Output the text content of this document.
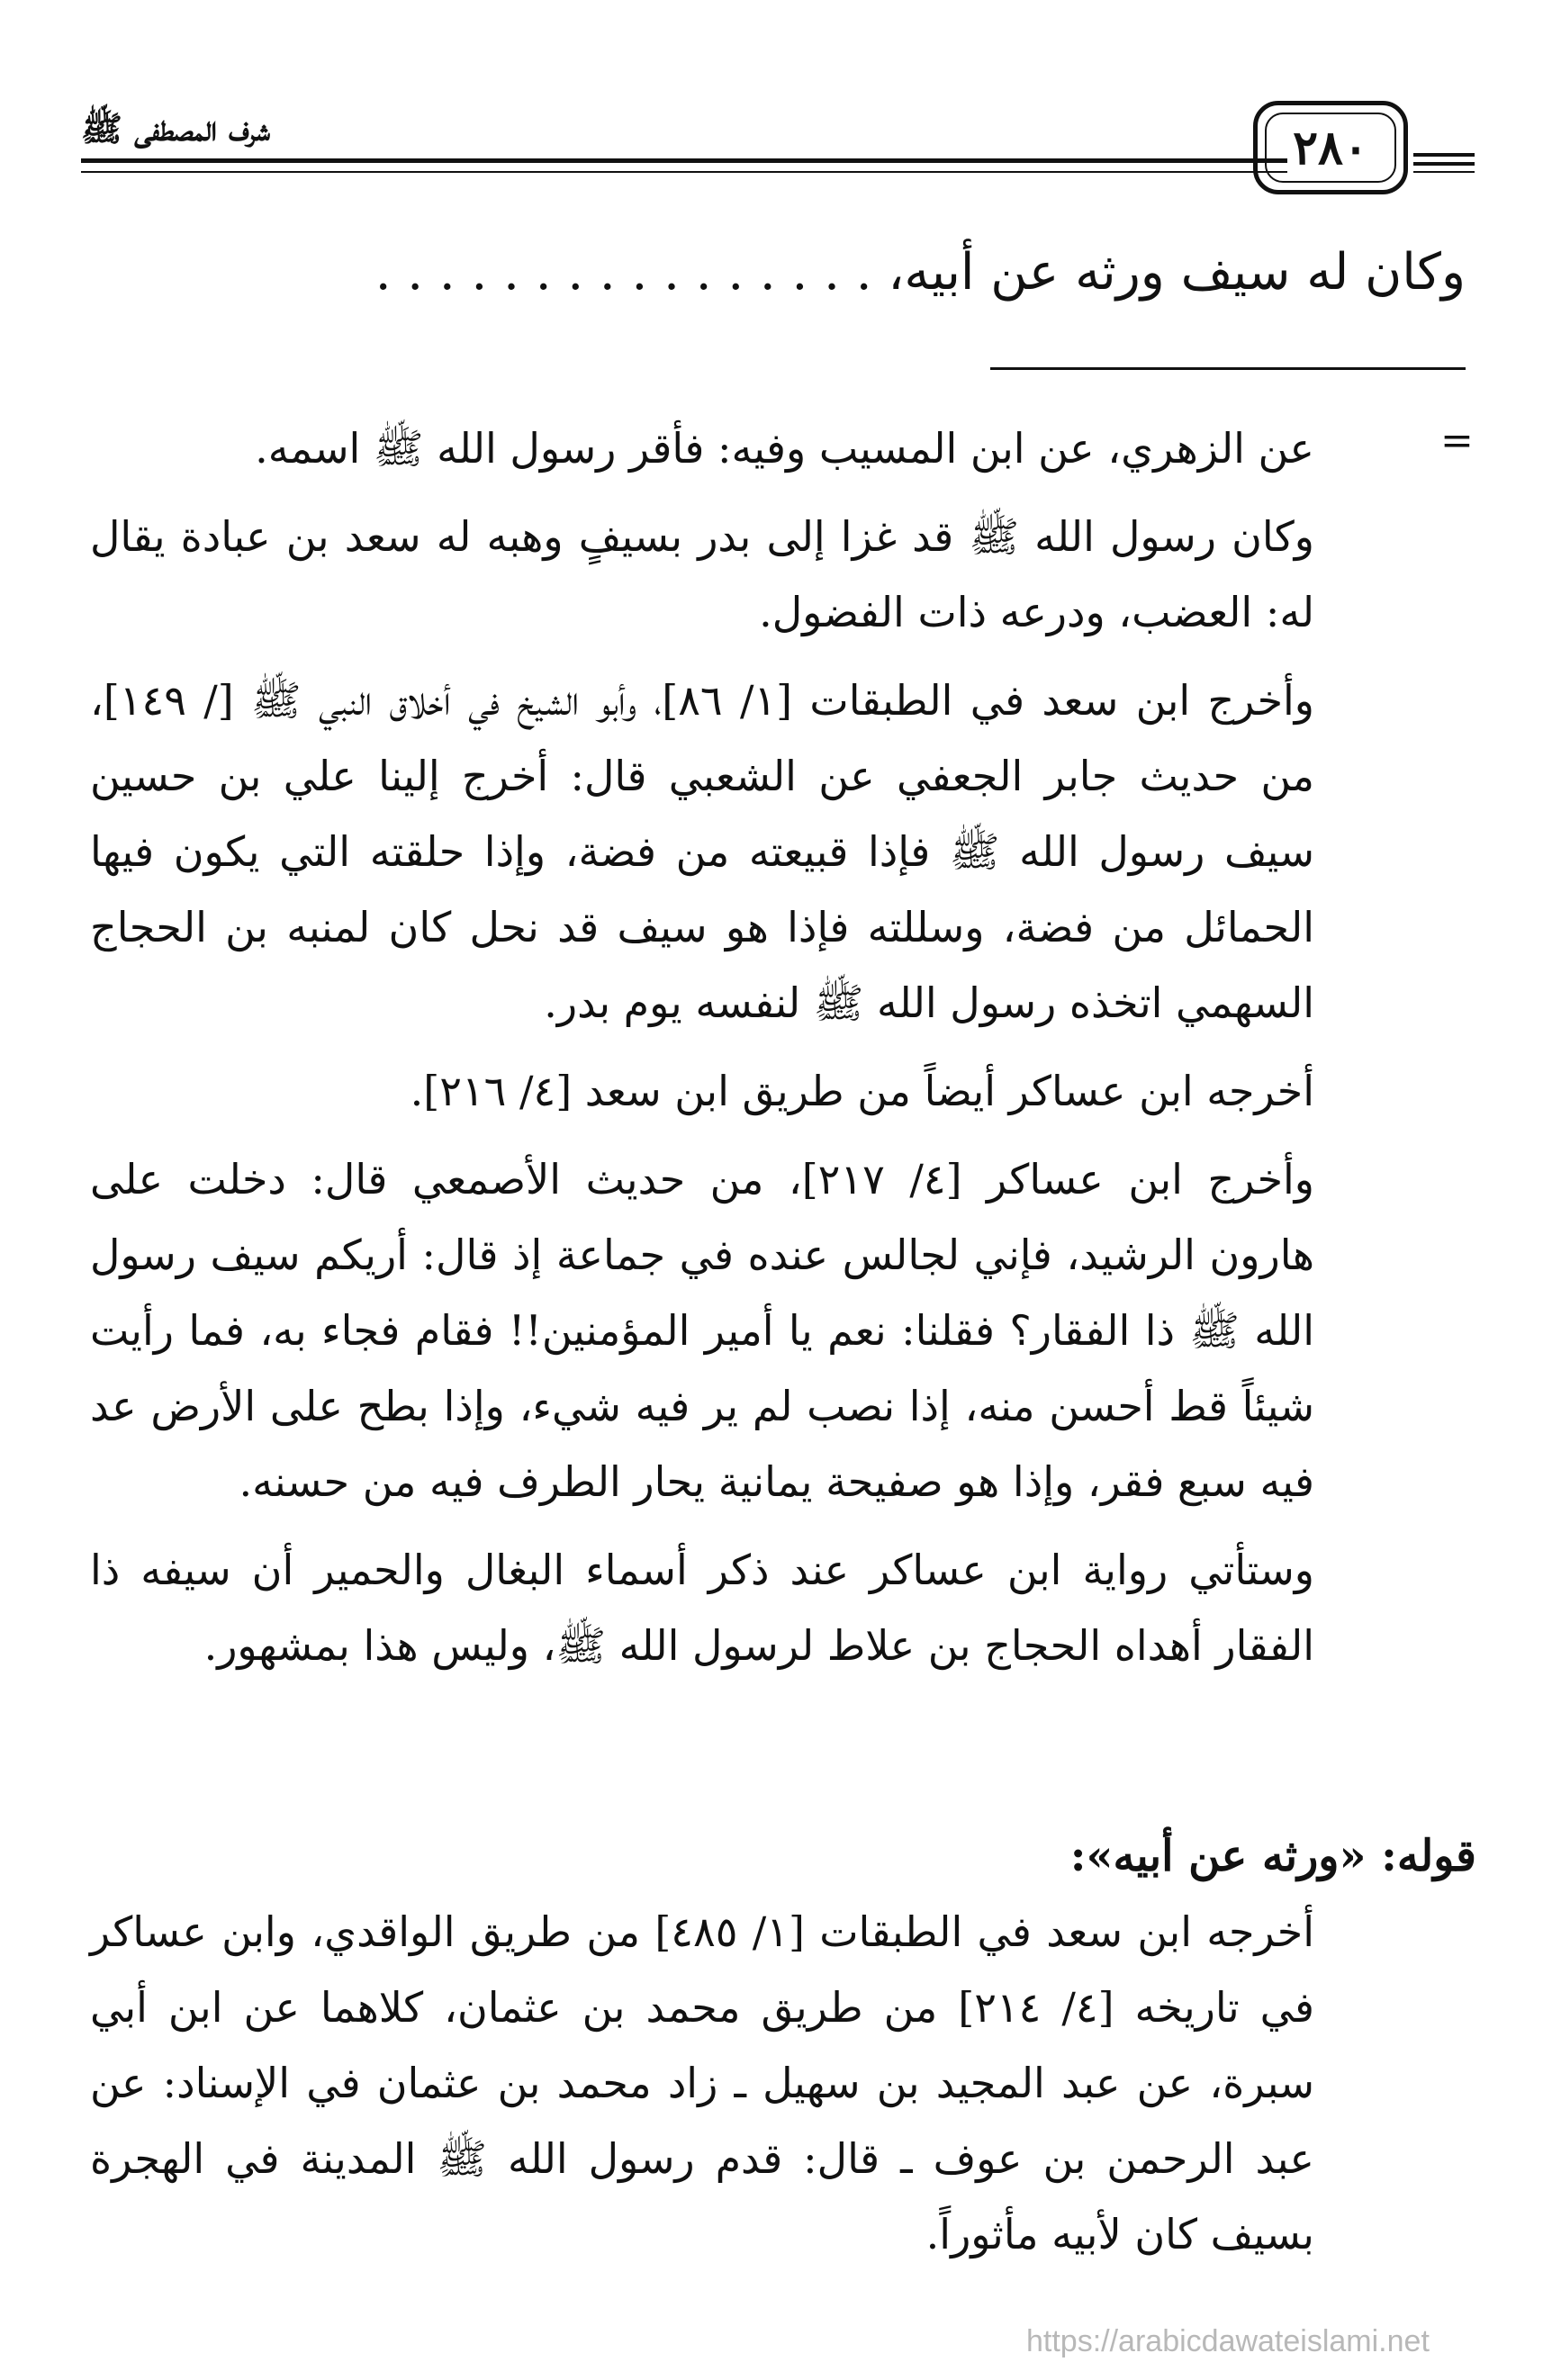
شرف المصطفى ﷺ	٢٨٠
وكان له سيف ورثه عن أبيه، . . . . . . . . . . . . . . . .
=

عن الزهري، عن ابن المسيب وفيه: فأقر رسول الله ﷺ اسمه.

وكان رسول الله ﷺ قد غزا إلى بدر بسيفٍ وهبه له سعد بن عبادة يقال له: العضب، ودرعه ذات الفضول.

وأخرج ابن سعد في الطبقات [١/ ٨٦]، وأبو الشيخ في أخلاق النبي ﷺ [/ ١٤٩]، من حديث جابر الجعفي عن الشعبي قال: أخرج إلينا علي بن حسين سيف رسول الله ﷺ فإذا قبيعته من فضة، وإذا حلقته التي يكون فيها الحمائل من فضة، وسللته فإذا هو سيف قد نحل كان لمنبه بن الحجاج السهمي اتخذه رسول الله ﷺ لنفسه يوم بدر.

أخرجه ابن عساكر أيضاً من طريق ابن سعد [٤/ ٢١٦].

وأخرج ابن عساكر [٤/ ٢١٧]، من حديث الأصمعي قال: دخلت على هارون الرشيد، فإني لجالس عنده في جماعة إذ قال: أريكم سيف رسول الله ﷺ ذا الفقار؟ فقلنا: نعم يا أمير المؤمنين!! فقام فجاء به، فما رأيت شيئاً قط أحسن منه، إذا نصب لم ير فيه شيء، وإذا بطح على الأرض عد فيه سبع فقر، وإذا هو صفيحة يمانية يحار الطرف فيه من حسنه.

وستأتي رواية ابن عساكر عند ذكر أسماء البغال والحمير أن سيفه ذا الفقار أهداه الحجاج بن علاط لرسول الله ﷺ، وليس هذا بمشهور.

قوله: «ورثه عن أبيه»:

أخرجه ابن سعد في الطبقات [١/ ٤٨٥] من طريق الواقدي، وابن عساكر في تاريخه [٤/ ٢١٤] من طريق محمد بن عثمان، كلاهما عن ابن أبي سبرة، عن عبد المجيد بن سهيل ـ زاد محمد بن عثمان في الإسناد: عن عبد الرحمن بن عوف ـ قال: قدم رسول الله ﷺ المدينة في الهجرة بسيف كان لأبيه مأثوراً.

https://arabicdawateislami.net
